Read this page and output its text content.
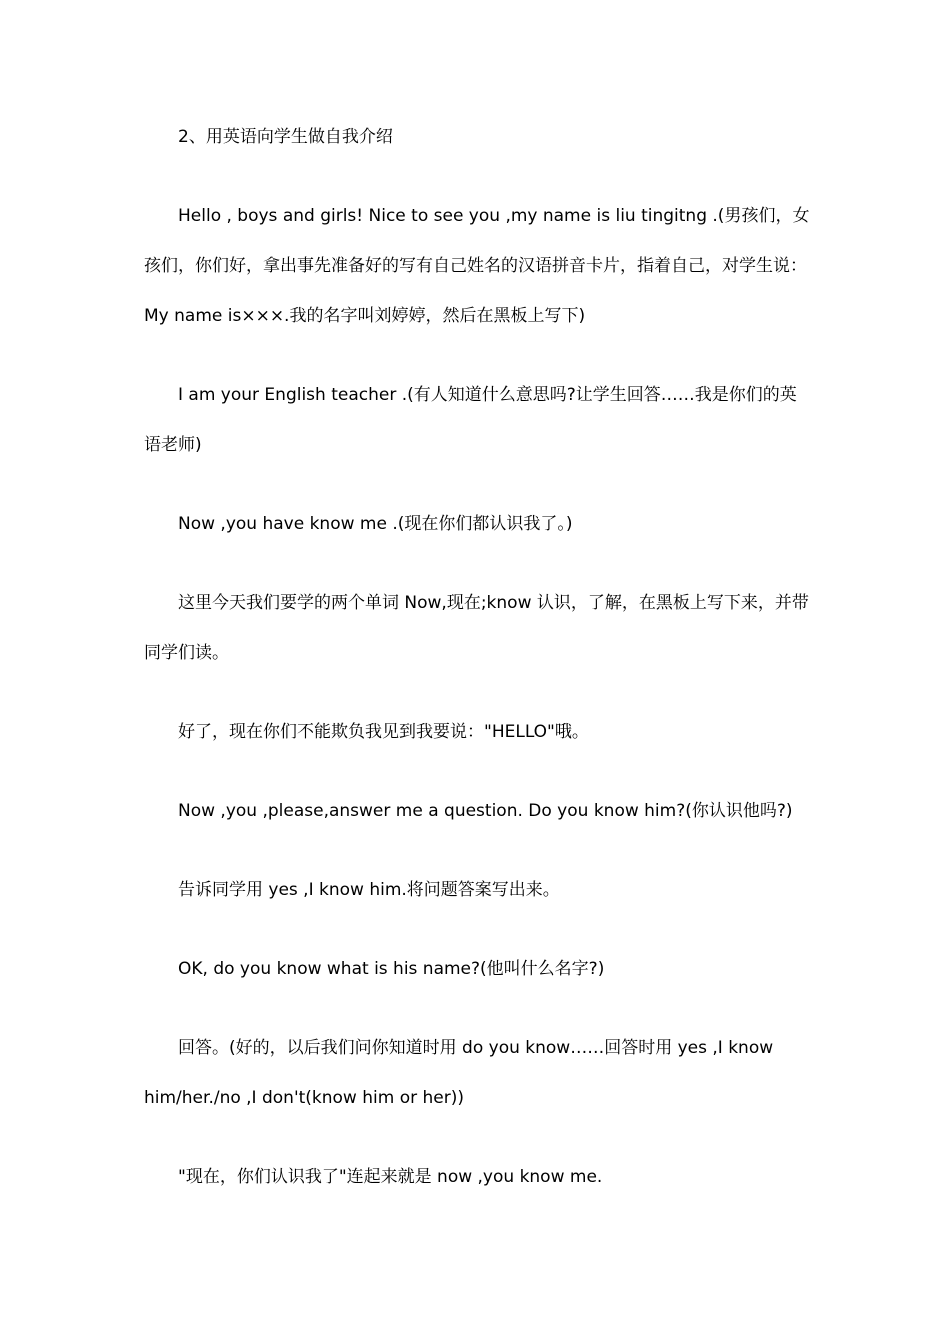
2、用英语向学生做自我介绍

Hello , boys and girls! Nice to see you ,my name is liu tingitng .(男孩们，女孩们，你们好，拿出事先准备好的写有自己姓名的汉语拼音卡片，指着自己，对学生说：My name is×××.我的名字叫刘婷婷，然后在黑板上写下)

I am your English teacher .(有人知道什么意思吗?让学生回答……我是你们的英语老师)

Now ,you have know me .(现在你们都认识我了。)

这里今天我们要学的两个单词 Now,现在;know 认识，了解，在黑板上写下来，并带同学们读。

好了，现在你们不能欺负我见到我要说："HELLO"哦。

Now ,you ,please,answer me a question. Do you know him?(你认识他吗?)

告诉同学用 yes ,I know him.将问题答案写出来。

OK, do you know what is his name?(他叫什么名字?)

回答。(好的，以后我们问你知道时用 do you know……回答时用 yes ,I know him/her./no ,I don't(know him or her))

"现在，你们认识我了"连起来就是 now ,you know me.
